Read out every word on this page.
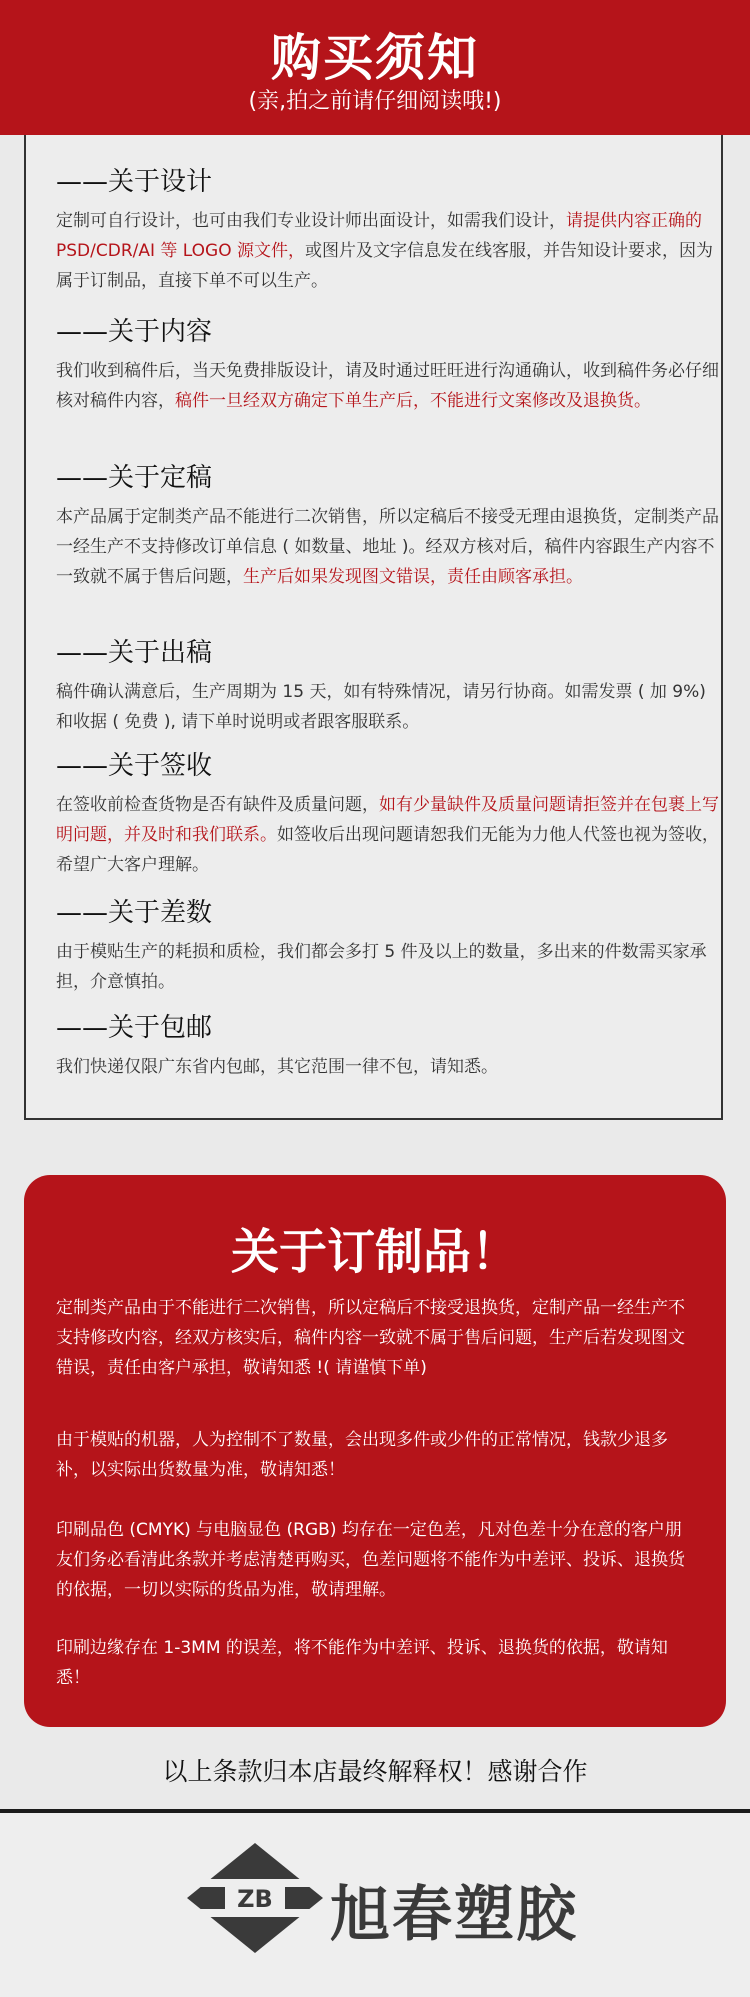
购买须知
(亲,拍之前请仔细阅读哦!)
——关于设计

定制可自行设计，也可由我们专业设计师出面设计，如需我们设计，请提供内容正确的 PSD/CDR/AI 等 LOGO 源文件，或图片及文字信息发在线客服，并告知设计要求，因为属于订制品，直接下单不可以生产。

——关于内容

我们收到稿件后，当天免费排版设计，请及时通过旺旺进行沟通确认，收到稿件务必仔细核对稿件内容，稿件一旦经双方确定下单生产后，不能进行文案修改及退换货。

——关于定稿

本产品属于定制类产品不能进行二次销售，所以定稿后不接受无理由退换货，定制类产品一经生产不支持修改订单信息 ( 如数量、地址 )。经双方核对后，稿件内容跟生产内容不一致就不属于售后问题，生产后如果发现图文错误，责任由顾客承担。

——关于出稿

稿件确认满意后，生产周期为 15 天，如有特殊情况，请另行协商。如需发票 ( 加 9%) 和收据 ( 免费 ), 请下单时说明或者跟客服联系。

——关于签收

在签收前检查货物是否有缺件及质量问题，如有少量缺件及质量问题请拒签并在包裹上写明问题，并及时和我们联系。如签收后出现问题请恕我们无能为力他人代签也视为签收，希望广大客户理解。

——关于差数

由于模贴生产的耗损和质检，我们都会多打 5 件及以上的数量，多出来的件数需买家承担，介意慎拍。

——关于包邮

我们快递仅限广东省内包邮，其它范围一律不包，请知悉。

关于订制品！

定制类产品由于不能进行二次销售，所以定稿后不接受退换货，定制产品一经生产不支持修改内容，经双方核实后，稿件内容一致就不属于售后问题，生产后若发现图文错误，责任由客户承担，敬请知悉 !( 请谨慎下单)

由于模贴的机器，人为控制不了数量，会出现多件或少件的正常情况，钱款少退多补，以实际出货数量为准，敬请知悉！

印刷品色 (CMYK) 与电脑显色 (RGB) 均存在一定色差，凡对色差十分在意的客户朋友们务必看清此条款并考虑清楚再购买，色差问题将不能作为中差评、投诉、退换货的依据，一切以实际的货品为准，敬请理解。

印刷边缘存在 1-3MM 的误差，将不能作为中差评、投诉、退换货的依据，敬请知悉！

以上条款归本店最终解释权！感谢合作
ZB 旭春塑胶
